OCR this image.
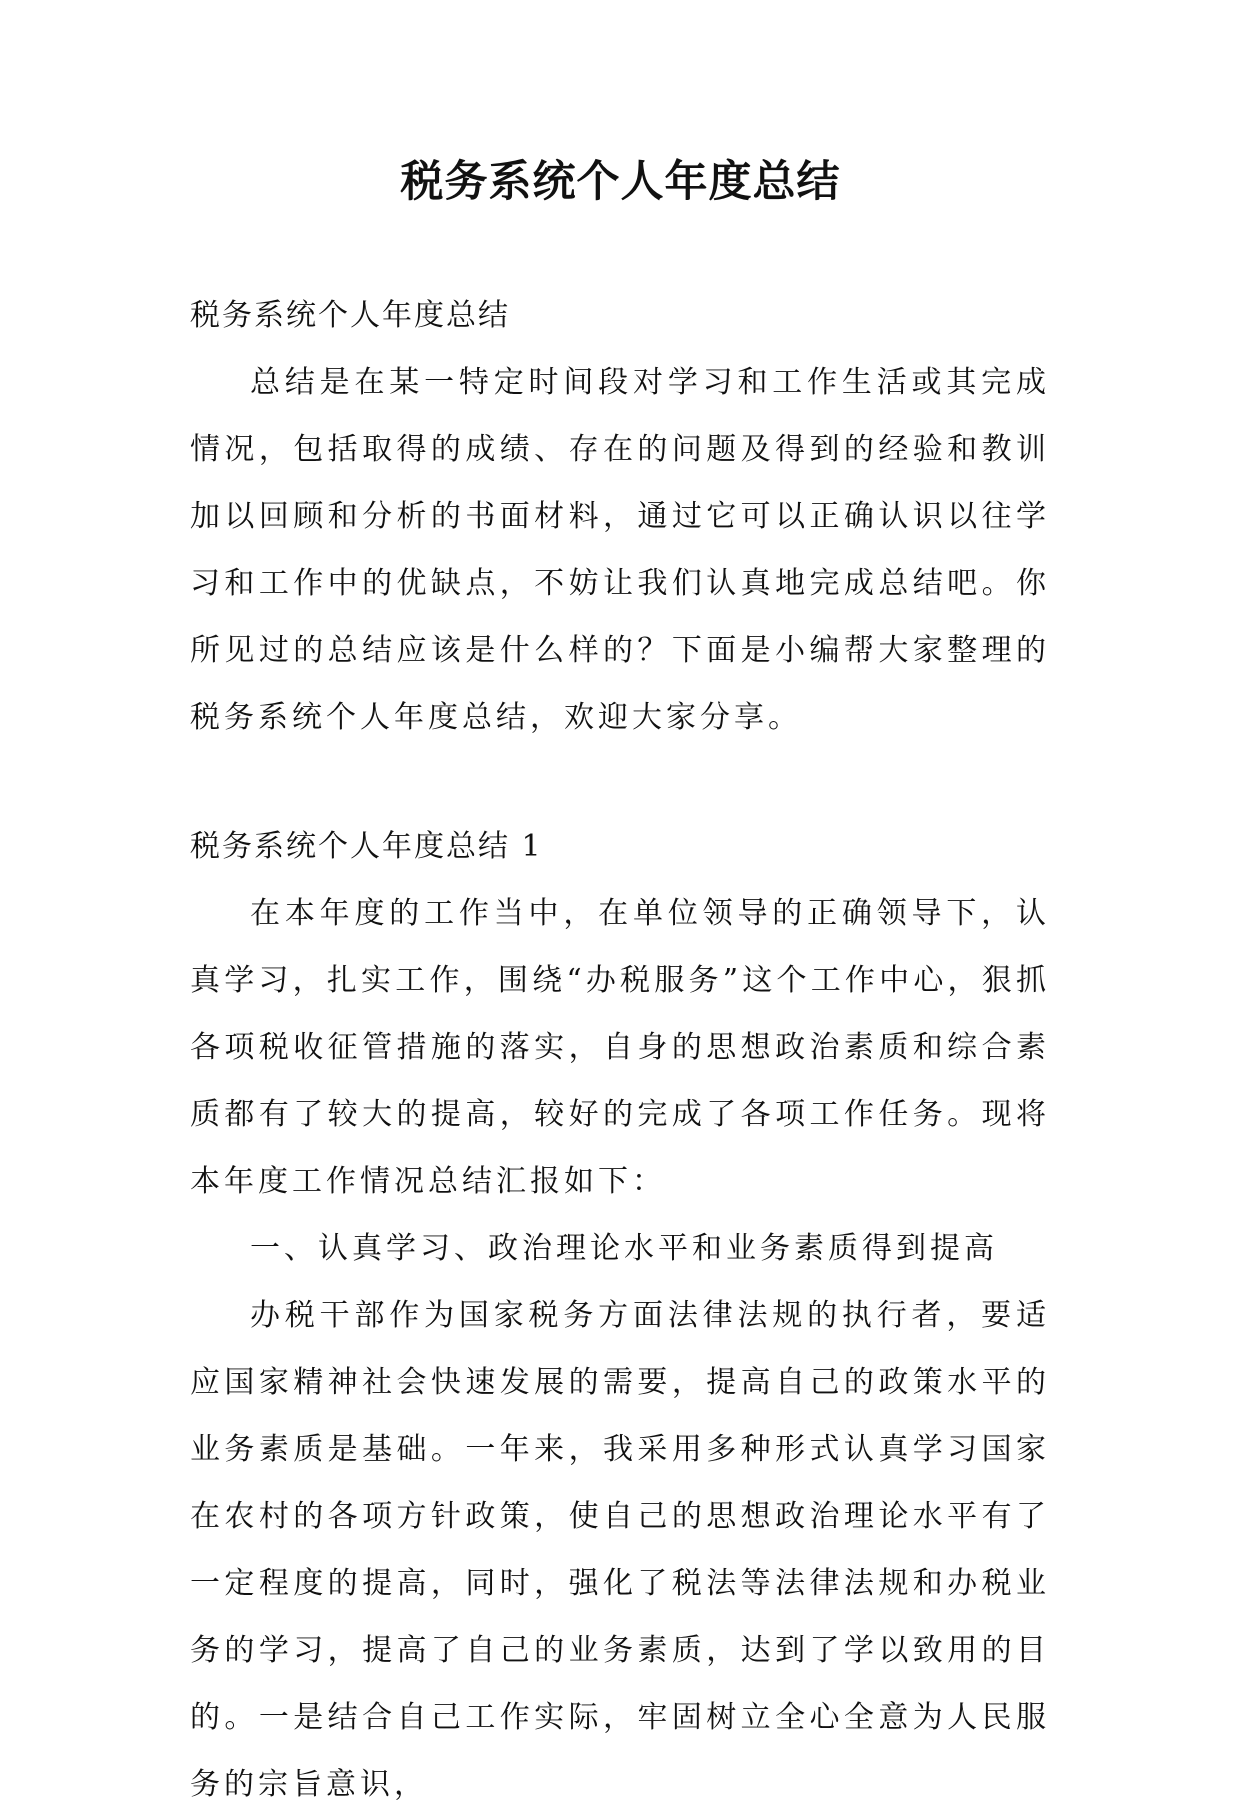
税务系统个人年度总结

税务系统个人年度总结

总结是在某一特定时间段对学习和工作生活或其完成情况，包括取得的成绩、存在的问题及得到的经验和教训加以回顾和分析的书面材料，通过它可以正确认识以往学习和工作中的优缺点，不妨让我们认真地完成总结吧。你所见过的总结应该是什么样的？下面是小编帮大家整理的税务系统个人年度总结，欢迎大家分享。

税务系统个人年度总结 1

在本年度的工作当中，在单位领导的正确领导下，认真学习，扎实工作，围绕“办税服务”这个工作中心，狠抓各项税收征管措施的落实，自身的思想政治素质和综合素质都有了较大的提高，较好的完成了各项工作任务。现将本年度工作情况总结汇报如下：

一、认真学习、政治理论水平和业务素质得到提高

办税干部作为国家税务方面法律法规的执行者，要适应国家精神社会快速发展的需要，提高自己的政策水平的业务素质是基础。一年来，我采用多种形式认真学习国家在农村的各项方针政策，使自己的思想政治理论水平有了一定程度的提高，同时，强化了税法等法律法规和办税业务的学习，提高了自己的业务素质，达到了学以致用的目的。一是结合自己工作实际，牢固树立全心全意为人民服务的宗旨意识，
